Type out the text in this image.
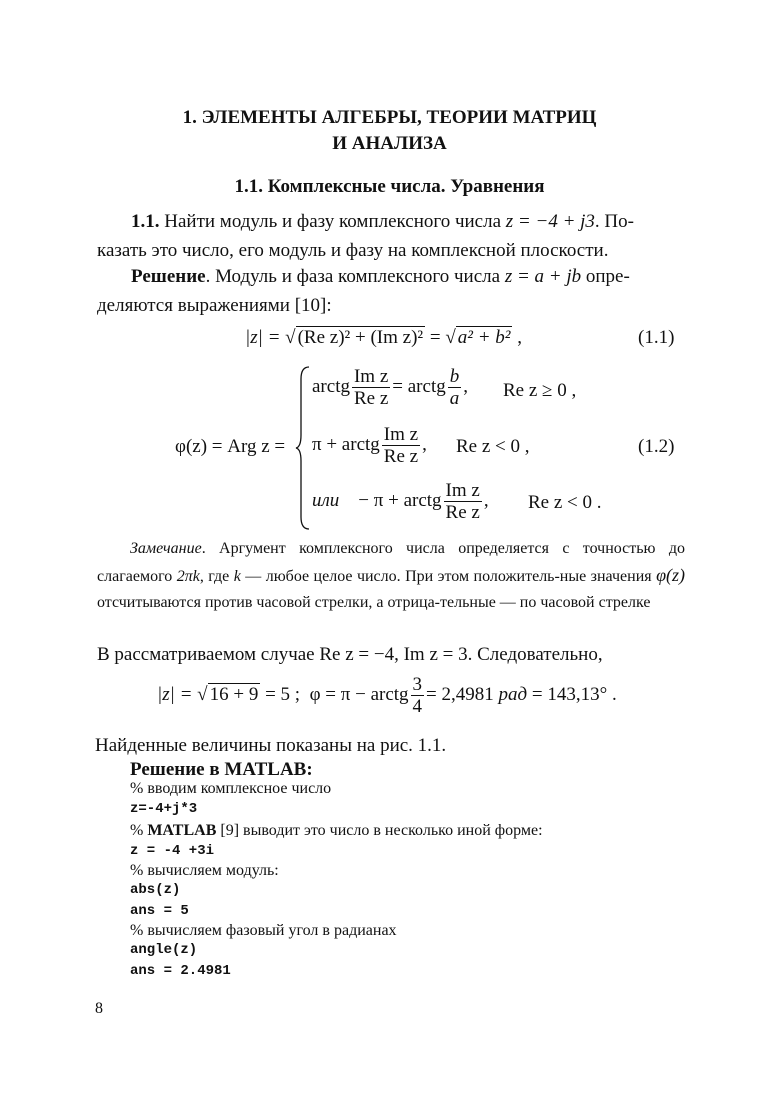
1. ЭЛЕМЕНТЫ АЛГЕБРЫ, ТЕОРИИ МАТРИЦ
И АНАЛИЗА
1.1. Комплексные числа. Уравнения
1.1. Найти модуль и фазу комплексного числа z = −4 + j3. По-
казать это число, его модуль и фазу на комплексной плоскости.
Решение. Модуль и фаза комплексного числа z = a + jb опре-
деляются выражениями [10]:
|z| = √ (Re z)² + (Im z)² = √ a² + b² ,	(1.1)
φ(z) = Arg z =
arctg $\frac{\text{Im z}}{\text{Re z}}$ = arctg $\frac{b}{a}$ , Re z ≥ 0 ,
π + arctg $\frac{\text{Im z}}{\text{Re z}}$ , Re z < 0 ,	(1.2)
или − π + arctg $\frac{\text{Im z}}{\text{Re z}}$ , Re z < 0 .
Замечание. Аргумент комплексного числа определяется с точностью до слагаемого 2πk, где k — любое целое число. При этом положитель-ные значения φ(z) отсчитываются против часовой стрелки, а отрица-тельные — по часовой стрелке
В рассматриваемом случае Re z = −4, Im z = 3. Следовательно,
|z| = √ 16 + 9 = 5 ; φ = π − arctg $\frac{3}{4} = 2,4981$ рад = 143,13° .
Найденные величины показаны на рис. 1.1.
Решение в MATLAB:
% вводим комплексное число
z=-4+j*3
% MATLAB [9] выводит это число в несколько иной форме:
z = -4 +3i
% вычисляем модуль:
abs(z)
ans = 5
% вычисляем фазовый угол в радианах
angle(z)
ans = 2.4981
8
